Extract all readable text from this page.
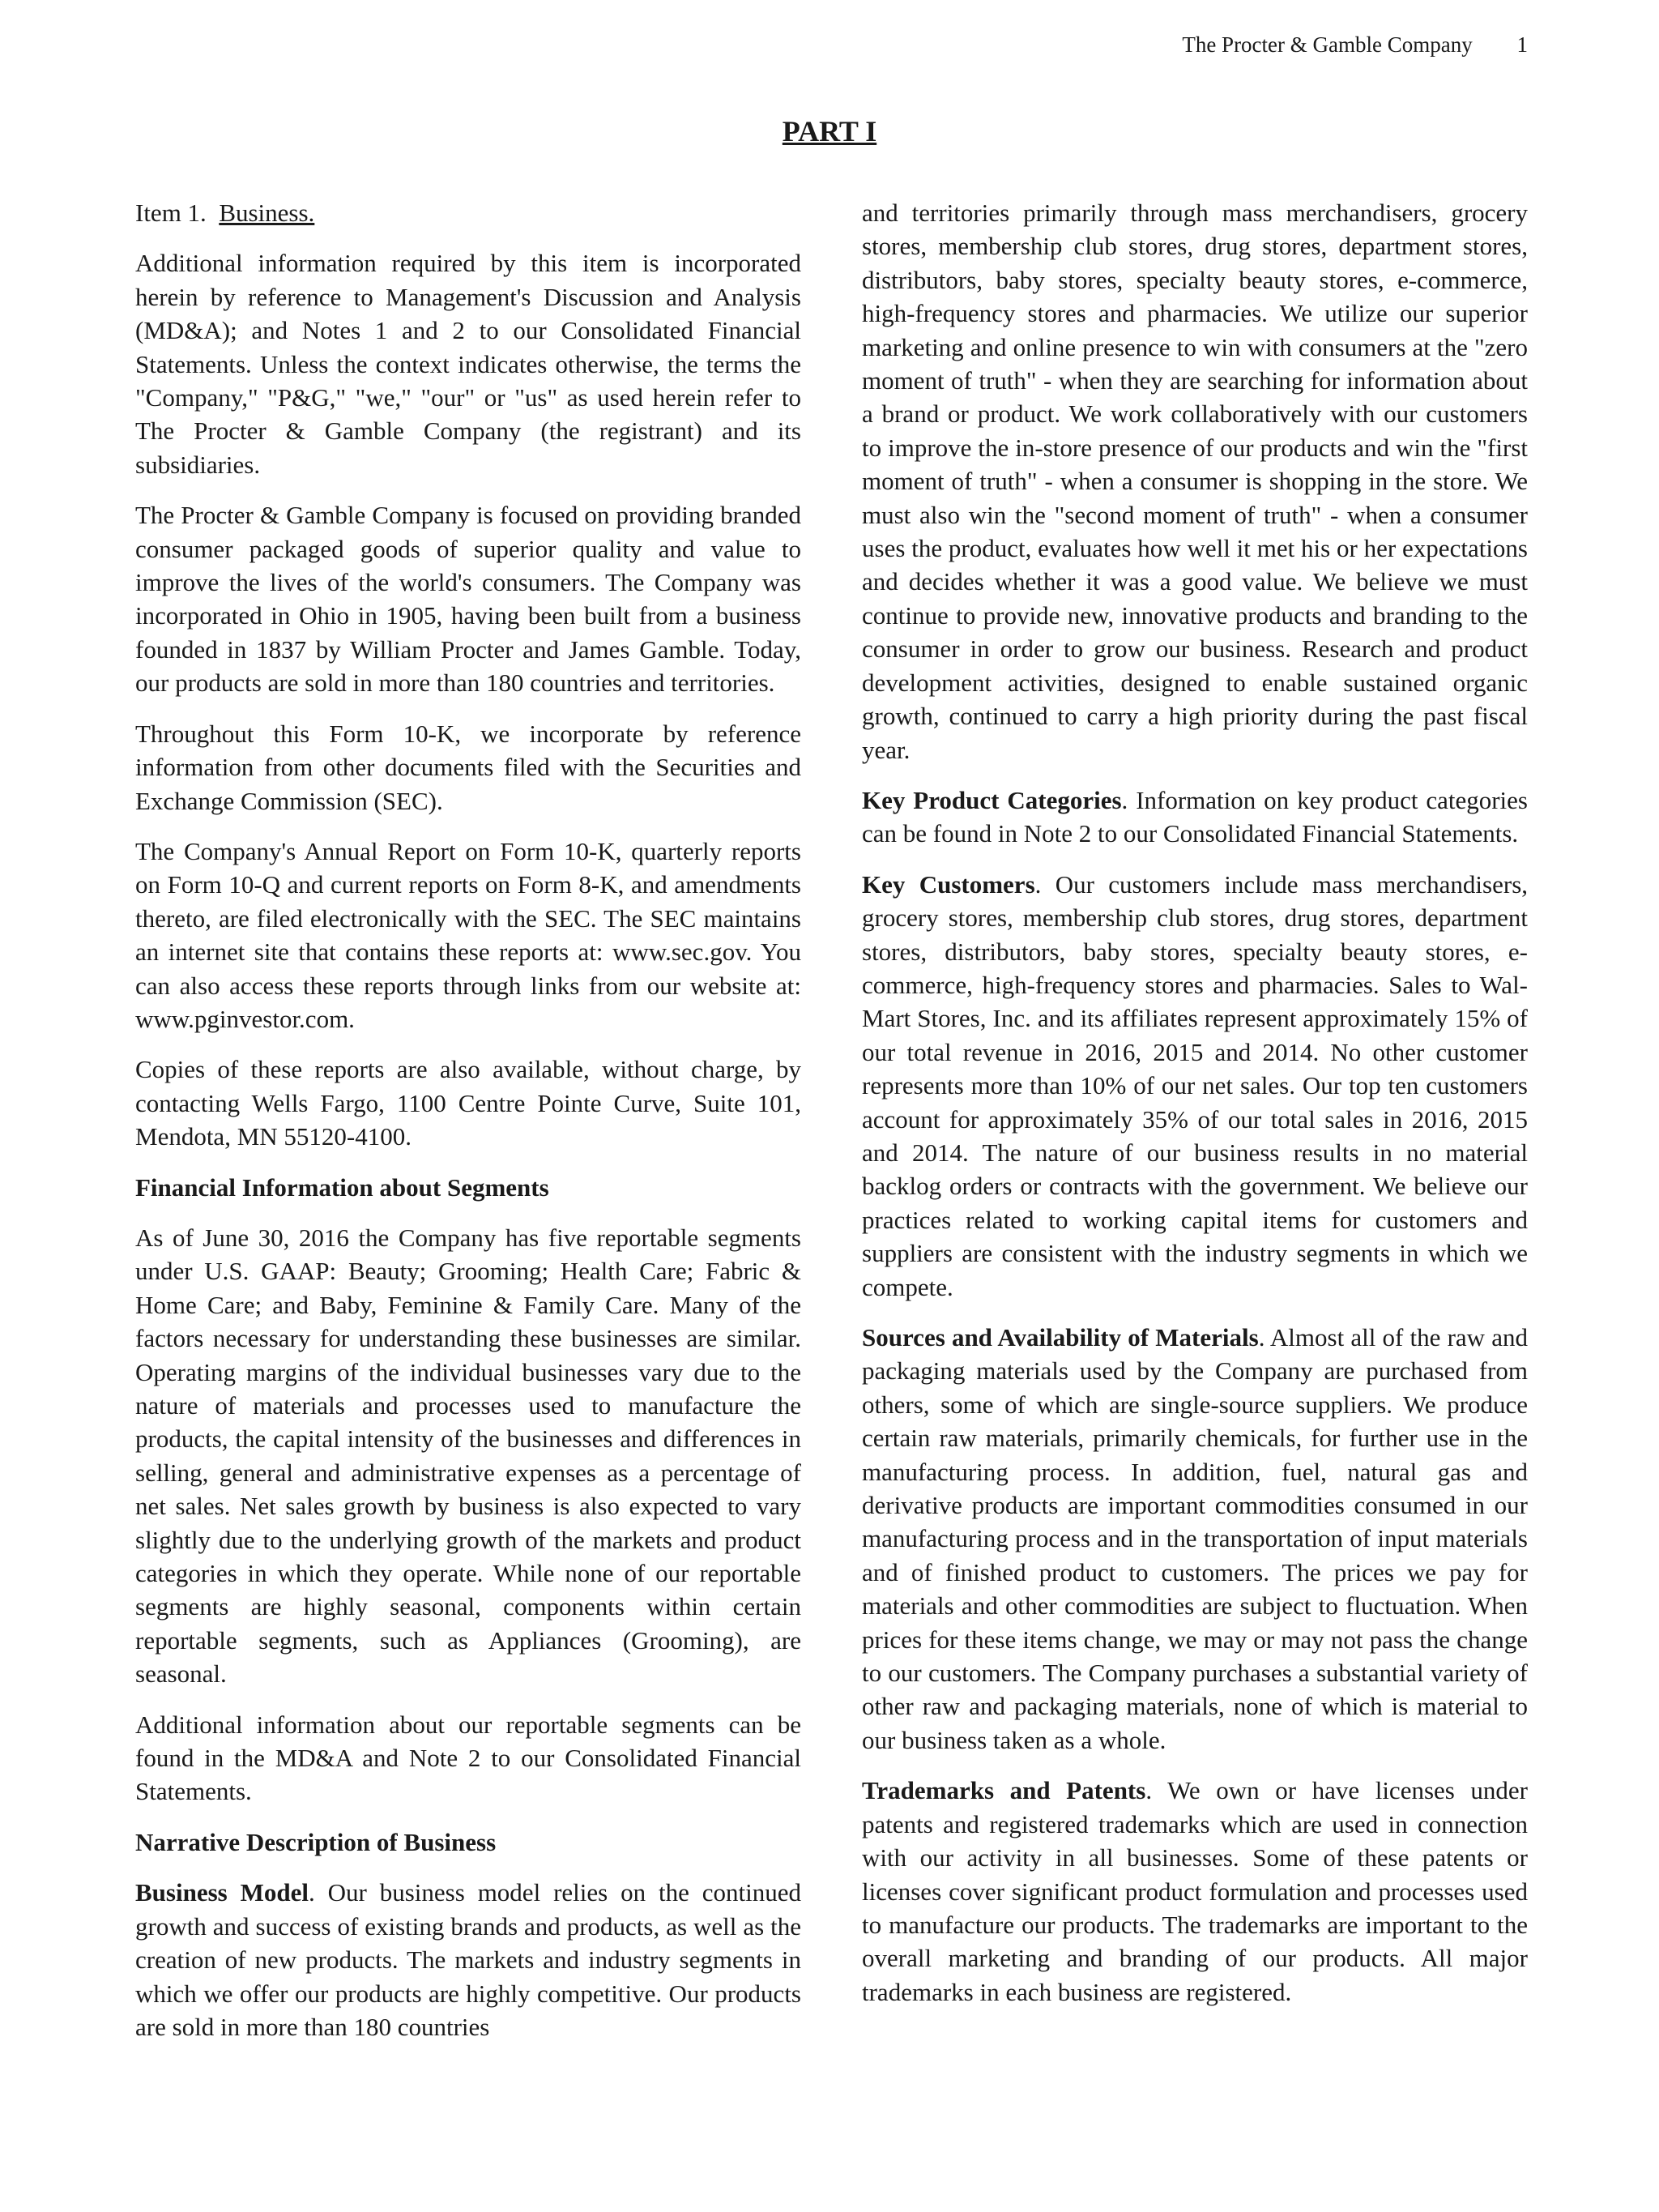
The Procter & Gamble Company 1
PART I

Item 1. Business.

Additional information required by this item is incorporated herein by reference to Management's Discussion and Analysis (MD&A); and Notes 1 and 2 to our Consolidated Financial Statements. Unless the context indicates otherwise, the terms the "Company," "P&G," "we," "our" or "us" as used herein refer to The Procter & Gamble Company (the registrant) and its subsidiaries.

The Procter & Gamble Company is focused on providing branded consumer packaged goods of superior quality and value to improve the lives of the world's consumers. The Company was incorporated in Ohio in 1905, having been built from a business founded in 1837 by William Procter and James Gamble. Today, our products are sold in more than 180 countries and territories.

Throughout this Form 10-K, we incorporate by reference information from other documents filed with the Securities and Exchange Commission (SEC).

The Company's Annual Report on Form 10-K, quarterly reports on Form 10-Q and current reports on Form 8-K, and amendments thereto, are filed electronically with the SEC. The SEC maintains an internet site that contains these reports at: www.sec.gov. You can also access these reports through links from our website at: www.pginvestor.com.

Copies of these reports are also available, without charge, by contacting Wells Fargo, 1100 Centre Pointe Curve, Suite 101, Mendota, MN 55120-4100.

Financial Information about Segments

As of June 30, 2016 the Company has five reportable segments under U.S. GAAP: Beauty; Grooming; Health Care; Fabric & Home Care; and Baby, Feminine & Family Care. Many of the factors necessary for understanding these businesses are similar. Operating margins of the individual businesses vary due to the nature of materials and processes used to manufacture the products, the capital intensity of the businesses and differences in selling, general and administrative expenses as a percentage of net sales. Net sales growth by business is also expected to vary slightly due to the underlying growth of the markets and product categories in which they operate. While none of our reportable segments are highly seasonal, components within certain reportable segments, such as Appliances (Grooming), are seasonal.

Additional information about our reportable segments can be found in the MD&A and Note 2 to our Consolidated Financial Statements.

Narrative Description of Business

Business Model. Our business model relies on the continued growth and success of existing brands and products, as well as the creation of new products. The markets and industry segments in which we offer our products are highly competitive. Our products are sold in more than 180 countries

and territories primarily through mass merchandisers, grocery stores, membership club stores, drug stores, department stores, distributors, baby stores, specialty beauty stores, e-commerce, high-frequency stores and pharmacies. We utilize our superior marketing and online presence to win with consumers at the "zero moment of truth" - when they are searching for information about a brand or product. We work collaboratively with our customers to improve the in-store presence of our products and win the "first moment of truth" - when a consumer is shopping in the store. We must also win the "second moment of truth" - when a consumer uses the product, evaluates how well it met his or her expectations and decides whether it was a good value. We believe we must continue to provide new, innovative products and branding to the consumer in order to grow our business. Research and product development activities, designed to enable sustained organic growth, continued to carry a high priority during the past fiscal year.

Key Product Categories. Information on key product categories can be found in Note 2 to our Consolidated Financial Statements.

Key Customers. Our customers include mass merchandisers, grocery stores, membership club stores, drug stores, department stores, distributors, baby stores, specialty beauty stores, e-commerce, high-frequency stores and pharmacies. Sales to Wal-Mart Stores, Inc. and its affiliates represent approximately 15% of our total revenue in 2016, 2015 and 2014. No other customer represents more than 10% of our net sales. Our top ten customers account for approximately 35% of our total sales in 2016, 2015 and 2014. The nature of our business results in no material backlog orders or contracts with the government. We believe our practices related to working capital items for customers and suppliers are consistent with the industry segments in which we compete.

Sources and Availability of Materials. Almost all of the raw and packaging materials used by the Company are purchased from others, some of which are single-source suppliers. We produce certain raw materials, primarily chemicals, for further use in the manufacturing process. In addition, fuel, natural gas and derivative products are important commodities consumed in our manufacturing process and in the transportation of input materials and of finished product to customers. The prices we pay for materials and other commodities are subject to fluctuation. When prices for these items change, we may or may not pass the change to our customers. The Company purchases a substantial variety of other raw and packaging materials, none of which is material to our business taken as a whole.

Trademarks and Patents. We own or have licenses under patents and registered trademarks which are used in connection with our activity in all businesses. Some of these patents or licenses cover significant product formulation and processes used to manufacture our products. The trademarks are important to the overall marketing and branding of our products. All major trademarks in each business are registered.
